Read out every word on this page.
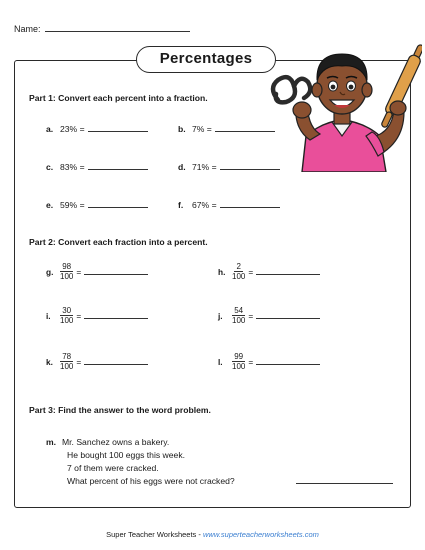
Name:
Percentages
Part 1: Convert each percent into a fraction.
a. 23% =	b. 7% =
c. 83% =	d. 71% =
e. 59% =	f. 67% =
Part 2: Convert each fraction into a percent.
g. $\frac{98}{100}$ =	h. $\frac{2}{100}$ =
i.	$\frac{30}{100}$ =	j.	$\frac{54}{100}$ =
k. $\frac{78}{100}$ =	l.	$\frac{99}{100}$ =
Part 3: Find the answer to the word problem.
m. Mr. Sanchez owns a bakery.
He bought 100 eggs this week.
7 of them were cracked.
What percent of his eggs were not cracked?
Super Teacher Worksheets - www.superteacherworksheets.com
